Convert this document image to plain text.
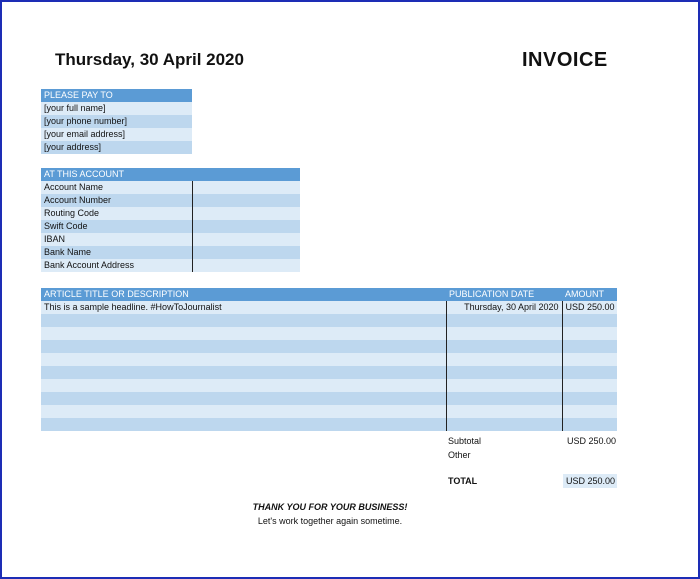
Thursday, 30 April 2020	INVOICE
PLEASE PAY TO
[your full name]
[your phone number]
[your email address]
[your address]
AT THIS ACCOUNT
Account Name	
Account Number	
Routing Code	
Swift Code	
IBAN	
Bank Name	
Bank Account Address	
ARTICLE TITLE OR DESCRIPTION	PUBLICATION DATE	AMOUNT
This is a sample headline. #HowToJournalist	Thursday, 30 April 2020	USD 250.00

Subtotal	USD 250.00
Other
TOTAL	USD 250.00
THANK YOU FOR YOUR BUSINESS!
Let's work together again sometime.
